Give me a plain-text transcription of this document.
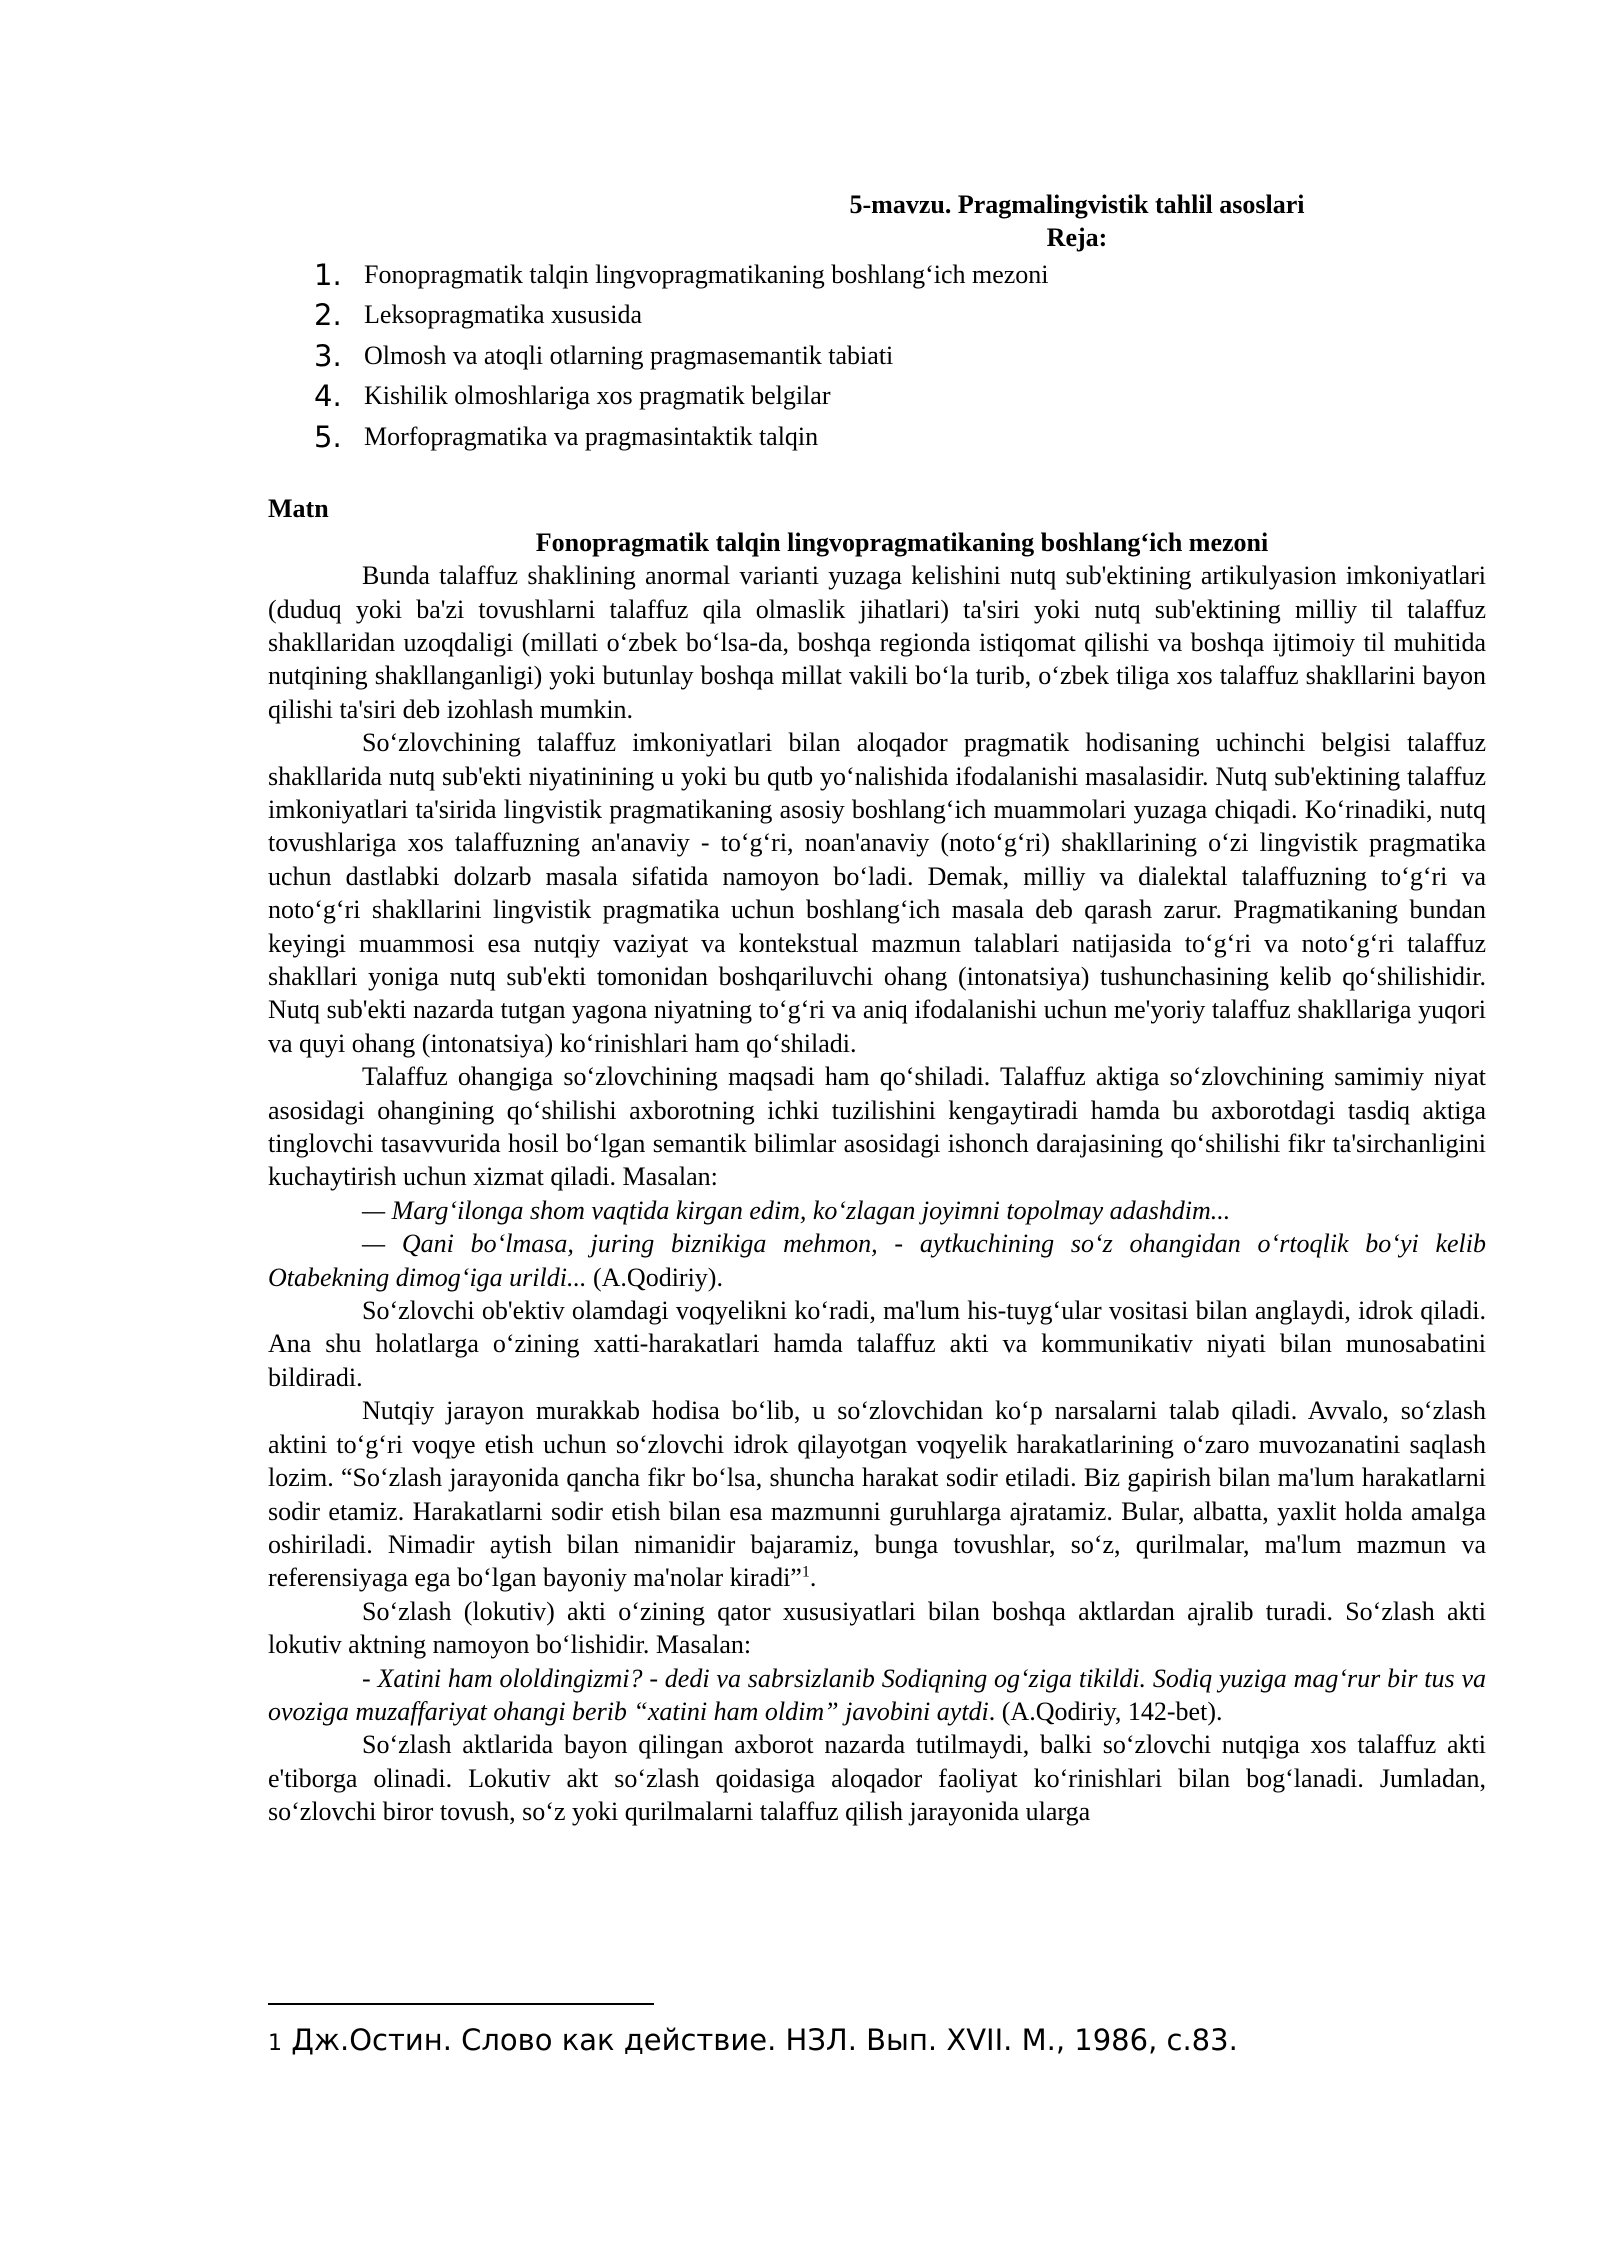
5-mavzu. Pragmalingvistik tahlil asoslari
Reja:
1. Fonopragmatik talqin lingvopragmatikaning boshlang‘ich mezoni
2. Leksopragmatika xususida
3. Olmosh va atoqli otlarning pragmasemantik tabiati
4. Kishilik olmoshlariga xos pragmatik belgilar
5. Morfopragmatika va pragmasintaktik talqin
Matn
Fonopragmatik talqin lingvopragmatikaning boshlang‘ich mezoni

Bunda talaffuz shaklining anormal varianti yuzaga kelishini nutq sub'ektining artikulyasion imkoniyatlari (duduq yoki ba'zi tovushlarni talaffuz qila olmaslik jihatlari) ta'siri yoki nutq sub'ektining milliy til talaffuz shakllaridan uzoqdaligi (millati o‘zbek bo‘lsa-da, boshqa regionda istiqomat qilishi va boshqa ijtimoiy til muhitida nutqining shakllanganligi) yoki butunlay boshqa millat vakili bo‘la turib, o‘zbek tiliga xos talaffuz shakllarini bayon qilishi ta'siri deb izohlash mumkin.

So‘zlovchining talaffuz imkoniyatlari bilan aloqador pragmatik hodisaning uchinchi belgisi talaffuz shakllarida nutq sub'ekti niyatinining u yoki bu qutb yo‘nalishida ifodalanishi masalasidir. Nutq sub'ektining talaffuz imkoniyatlari ta'sirida lingvistik pragmatikaning asosiy boshlang‘ich muammolari yuzaga chiqadi. Ko‘rinadiki, nutq tovushlariga xos talaffuzning an'anaviy - to‘g‘ri, noan'anaviy (noto‘g‘ri) shakllarining o‘zi lingvistik pragmatika uchun dastlabki dolzarb masala sifatida namoyon bo‘ladi. Demak, milliy va dialektal talaffuzning to‘g‘ri va noto‘g‘ri shakllarini lingvistik pragmatika uchun boshlang‘ich masala deb qarash zarur. Pragmatikaning bundan keyingi muammosi esa nutqiy vaziyat va kontekstual mazmun talablari natijasida to‘g‘ri va noto‘g‘ri talaffuz shakllari yoniga nutq sub'ekti tomonidan boshqariluvchi ohang (intonatsiya) tushunchasining kelib qo‘shilishidir. Nutq sub'ekti nazarda tutgan yagona niyatning to‘g‘ri va aniq ifodalanishi uchun me'yoriy talaffuz shakllariga yuqori va quyi ohang (intonatsiya) ko‘rinishlari ham qo‘shiladi.

Talaffuz ohangiga so‘zlovchining maqsadi ham qo‘shiladi. Talaffuz aktiga so‘zlovchining samimiy niyat asosidagi ohangining qo‘shilishi axborotning ichki tuzilishini kengaytiradi hamda bu axborotdagi tasdiq aktiga tinglovchi tasavvurida hosil bo‘lgan semantik bilimlar asosidagi ishonch darajasining qo‘shilishi fikr ta'sirchanligini kuchaytirish uchun xizmat qiladi. Masalan:

— Marg‘ilonga shom vaqtida kirgan edim, ko‘zlagan joyimni topolmay adashdim...

— Qani bo‘lmasa, juring biznikiga mehmon, - aytkuchining so‘z ohangidan o‘rtoqlik bo‘yi kelib Otabekning dimog‘iga urildi... (A.Qodiriy).

So‘zlovchi ob'ektiv olamdagi voqyelikni ko‘radi, ma'lum his-tuyg‘ular vositasi bilan anglaydi, idrok qiladi. Ana shu holatlarga o‘zining xatti-harakatlari hamda talaffuz akti va kommunikativ niyati bilan munosabatini bildiradi.

Nutqiy jarayon murakkab hodisa bo‘lib, u so‘zlovchidan ko‘p narsalarni talab qiladi. Avvalo, so‘zlash aktini to‘g‘ri voqye etish uchun so‘zlovchi idrok qilayotgan voqyelik harakatlarining o‘zaro muvozanatini saqlash lozim. “So‘zlash jarayonida qancha fikr bo‘lsa, shuncha harakat sodir etiladi. Biz gapirish bilan ma'lum harakatlarni sodir etamiz. Harakatlarni sodir etish bilan esa mazmunni guruhlarga ajratamiz. Bular, albatta, yaxlit holda amalga oshiriladi. Nimadir aytish bilan nimanidir bajaramiz, bunga tovushlar, so‘z, qurilmalar, ma'lum mazmun va referensiyaga ega bo‘lgan bayoniy ma'nolar kiradi”$^1$.

So‘zlash (lokutiv) akti o‘zining qator xususiyatlari bilan boshqa aktlardan ajralib turadi. So‘zlash akti lokutiv aktning namoyon bo‘lishidir. Masalan:

- Xatini ham ololdingizmi? - dedi va sabrsizlanib Sodiqning og‘ziga tikildi. Sodiq yuziga mag‘rur bir tus va ovoziga muzaffariyat ohangi berib “xatini ham oldim” javobini aytdi. (A.Qodiriy, 142-bet).

So‘zlash aktlarida bayon qilingan axborot nazarda tutilmaydi, balki so‘zlovchi nutqiga xos talaffuz akti e'tiborga olinadi. Lokutiv akt so‘zlash qoidasiga aloqador faoliyat ko‘rinishlari bilan bog‘lanadi. Jumladan, so‘zlovchi biror tovush, so‘z yoki qurilmalarni talaffuz qilish jarayonida ularga

1 Дж.Остин. Слово как действие. НЗЛ. Вып. XVII. М., 1986, с.83.
